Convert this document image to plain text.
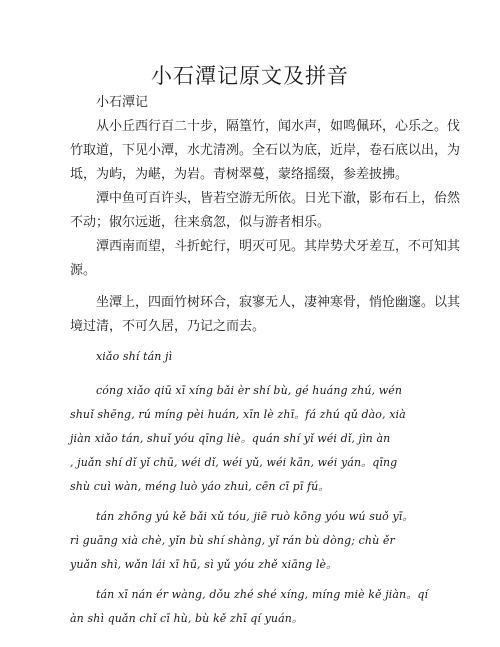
小石潭记原文及拼音
小石潭记
从小丘西行百二十步，隔篁竹，闻水声，如鸣佩环，心乐之。伐
竹取道，下见小潭，水尤清冽。全石以为底，近岸，卷石底以出，为
坻，为屿，为嵁，为岩。青树翠蔓，蒙络摇缀，参差披拂。
潭中鱼可百许头，皆若空游无所依。日光下澈，影布石上，佁然
不动；俶尔远逝，往来翕忽，似与游者相乐。
潭西南而望，斗折蛇行，明灭可见。其岸势犬牙差互，不可知其
源。
坐潭上，四面竹树环合，寂寥无人，凄神寒骨，悄怆幽邃。以其
境过清，不可久居，乃记之而去。
xiǎo shí tán jì
cóng xiǎo qiū xī xíng bǎi èr shí bù, gé huáng zhú, wén
shuǐ shēng, rú míng pèi huán, xīn lè zhī。fá zhú qǔ dào, xià
jiàn xiǎo tán, shuǐ yóu qīng liè。quán shí yǐ wéi dǐ, jìn àn
, juǎn shí dǐ yǐ chū, wéi dǐ, wéi yǔ, wéi kān, wéi yán。qīng
shù cuì wàn, méng luò yáo zhuì, cēn cī pī fú。
tán zhōng yú kě bǎi xǔ tóu, jiē ruò kōng yóu wú suǒ yī。
rì guāng xià chè, yǐn bù shí shàng, yǐ rán bù dòng; chù ěr
yuǎn shì, wǎn lái xī hū, sì yǔ yóu zhě xiāng lè。
tán xī nán ér wàng, dǒu zhé shé xíng, míng miè kě jiàn。qí
àn shì quǎn chǐ cī hù, bù kě zhī qí yuán。
